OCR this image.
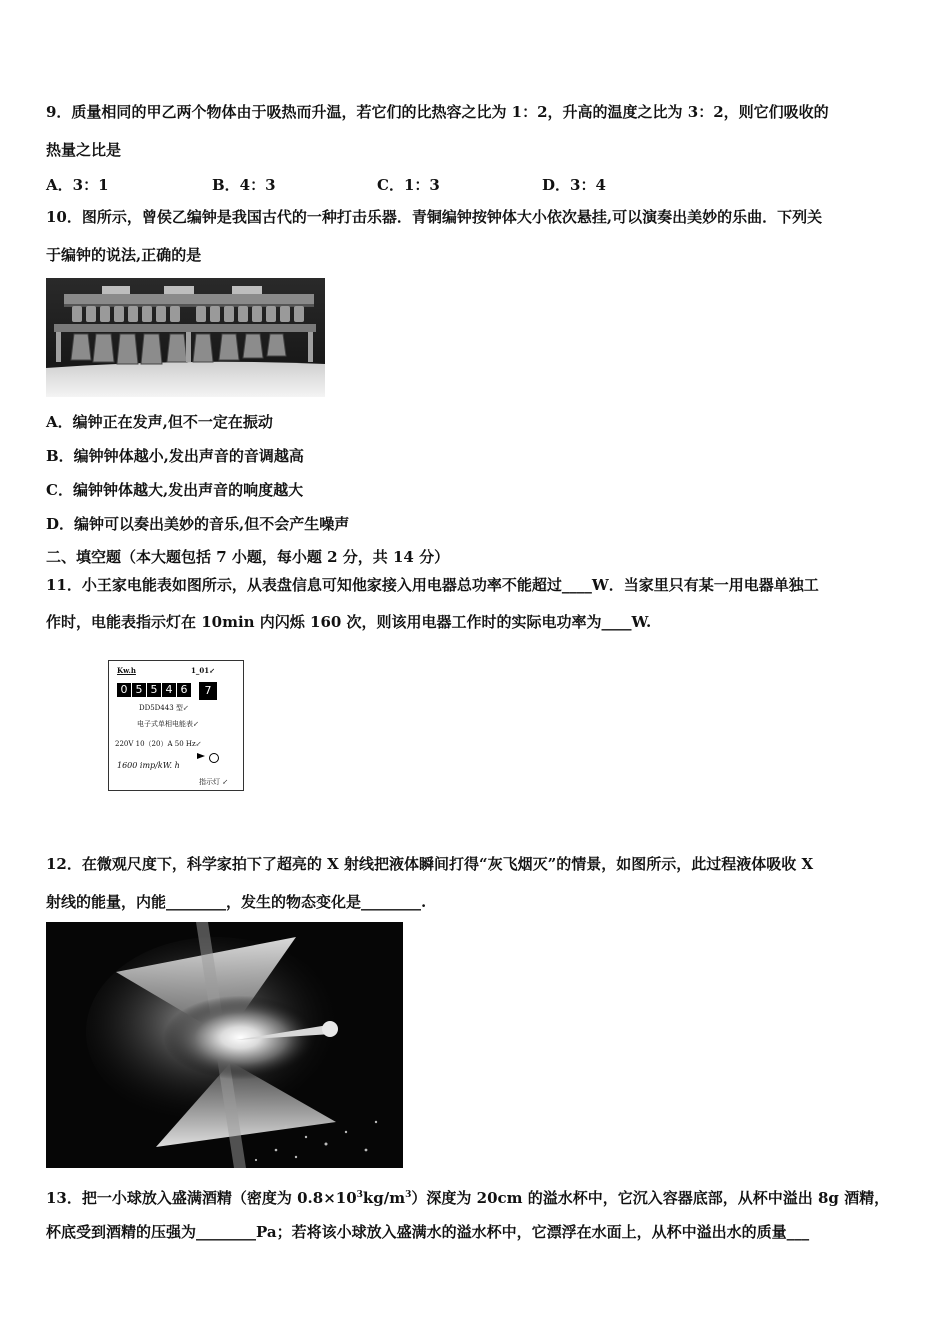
9．质量相同的甲乙两个物体由于吸热而升温，若它们的比热容之比为 1：2，升高的温度之比为 3：2，则它们吸收的
热量之比是
A．3：1	B．4：3	C．1：3	D．3：4
10．图所示，曾侯乙编钟是我国古代的一种打击乐器．青铜编钟按钟体大小依次悬挂,可以演奏出美妙的乐曲．下列关
于编钟的说法,正确的是
A．编钟正在发声,但不一定在振动
B．编钟钟体越小,发出声音的音调越高
C．编钟钟体越大,发出声音的响度越大
D．编钟可以奏出美妙的音乐,但不会产生噪声
二、填空题（本大题包括 7 小题，每小题 2 分，共 14 分）
11．小王家电能表如图所示，从表盘信息可知他家接入用电器总功率不能超过____W．当家里只有某一用电器单独工
作时，电能表指示灯在 10min 内闪烁 160 次，则该用电器工作时的实际电功率为____W.
Kw.h	1_01↙
0 5 5 4 6	7
DD5D443 型↙
电子式单相电能表↙
220V 10（20）A 50 Hz↙
1600 imp/kW. h
指示灯 ↙
12．在微观尺度下，科学家拍下了超亮的 X 射线把液体瞬间打得“灰飞烟灭”的情景，如图所示，此过程液体吸收 X
射线的能量，内能________，发生的物态变化是________.
13．把一小球放入盛满酒精（密度为 $0.8\times 10^3kg/m^3$）深度为 20cm 的溢水杯中，它沉入容器底部，从杯中溢出 8g 酒精，
杯底受到酒精的压强为________Pa；若将该小球放入盛满水的溢水杯中，它漂浮在水面上，从杯中溢出水的质量___
